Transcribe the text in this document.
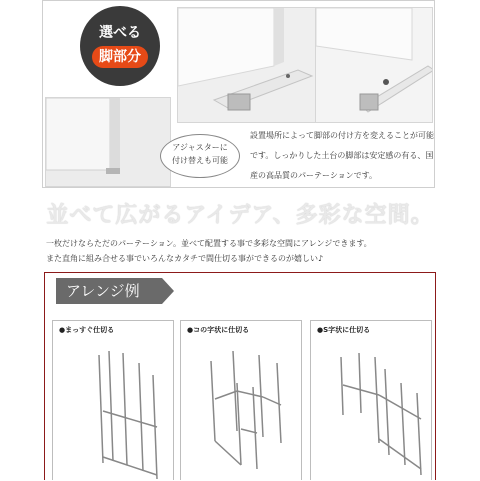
選べる
脚部分
アジャスターに
付け替えも可能
設置場所によって脚部の付け方を変えることが可能です。しっかりした土台の脚部は安定感の有る、国産の高品質のパーテーションです。
並べて広がるアイデア、多彩な空間。
一枚だけならただのパーテーション。並べて配置する事で多彩な空間にアレンジできます。
また直角に組み合せる事でいろんなカタチで間仕切る事ができるのが嬉しい♪
アレンジ例
●まっすぐ仕切る	●コの字状に仕切る	●S字状に仕切る
